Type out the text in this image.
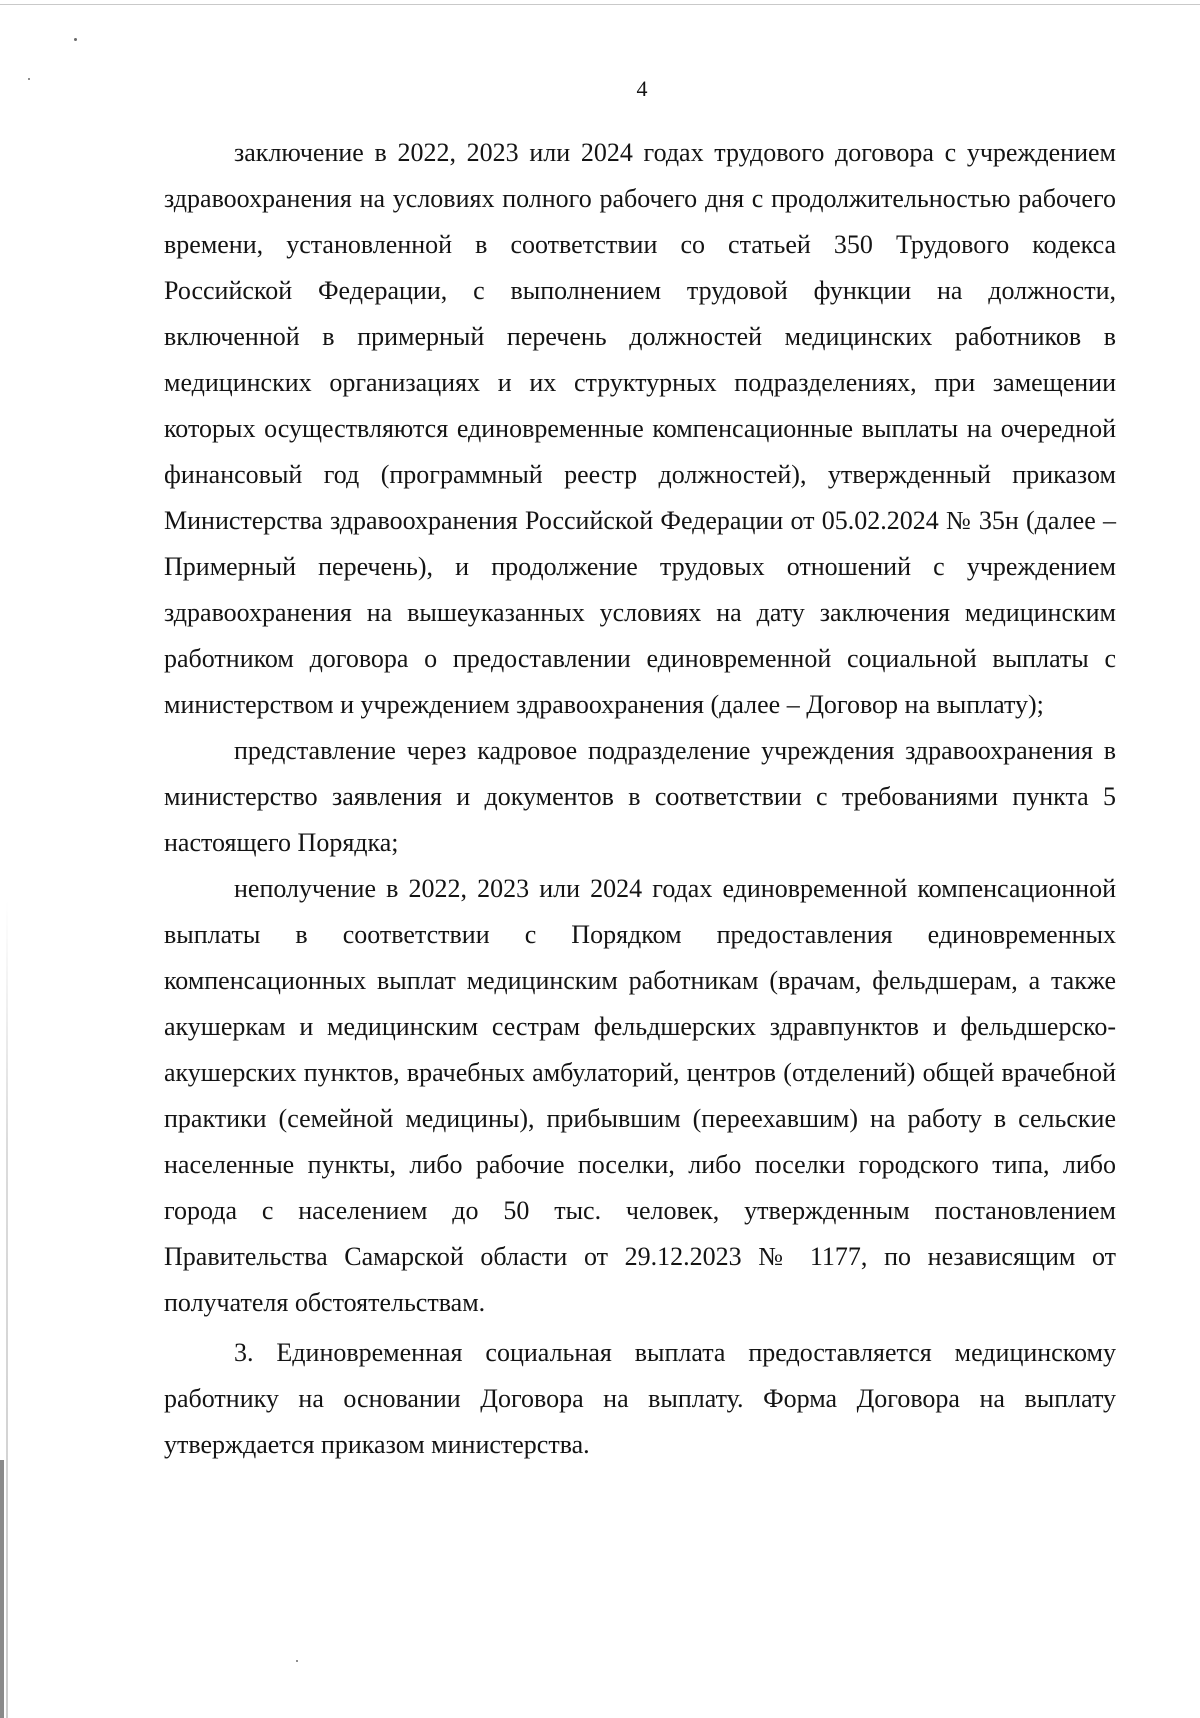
4

заключение в 2022, 2023 или 2024 годах трудового договора с учреждением здравоохранения на условиях полного рабочего дня с продолжительностью рабочего времени, установленной в соответствии со статьей 350 Трудового кодекса Российской Федерации, с выполнением трудовой функции на должности, включенной в примерный перечень должностей медицинских работников в медицинских организациях и их структурных подразделениях, при замещении которых осуществляются единовременные компенсационные выплаты на очередной финансовый год (программный реестр должностей), утвержденный приказом Министерства здравоохранения Российской Федерации от 05.02.2024 № 35н (далее – Примерный перечень), и продолжение трудовых отношений с учреждением здравоохранения на вышеуказанных условиях на дату заключения медицинским работником договора о предоставлении единовременной социальной выплаты с министерством и учреждением здравоохранения (далее – Договор на выплату);

представление через кадровое подразделение учреждения здравоохранения в министерство заявления и документов в соответствии с требованиями пункта 5 настоящего Порядка;

неполучение в 2022, 2023 или 2024 годах единовременной компенсационной выплаты в соответствии с Порядком предоставления единовременных компенсационных выплат медицинским работникам (врачам, фельдшерам, а также акушеркам и медицинским сестрам фельдшерских здравпунктов и фельдшерско-акушерских пунктов, врачебных амбулаторий, центров (отделений) общей врачебной практики (семейной медицины), прибывшим (переехавшим) на работу в сельские населенные пункты, либо рабочие поселки, либо поселки городского типа, либо города с населением до 50 тыс. человек, утвержденным постановлением Правительства Самарской области от 29.12.2023 № 1177, по независящим от получателя обстоятельствам.

3. Единовременная социальная выплата предоставляется медицинскому работнику на основании Договора на выплату. Форма Договора на выплату утверждается приказом министерства.
